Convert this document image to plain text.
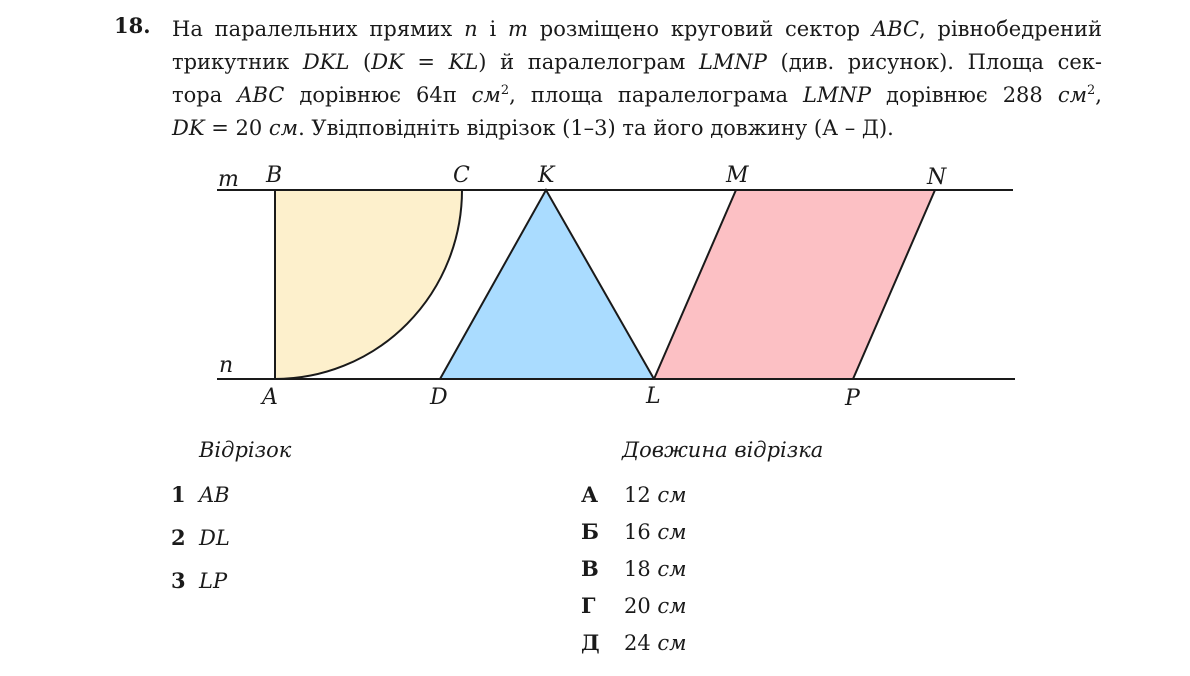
m
n
B	C	K	M	N
A	D	L	P
18. На паралельних прямих n і m розміщено круговий сектор ABC, рівнобедрений
трикутник DKL (DK = KL) й паралелограм LMNP (див. рисунок). Площа сек-
тора ABC дорівнює 64π $см^2$, площа паралелограма LMNP дорівнює 288 $см^2$,
DK = 20 см. Увідповідніть відрізок (1–3) та його довжину (А – Д).
Відрізок	Довжина відрізка
1 AB
2 DL
3 LP
А 12 см
Б 16 см
В 18 см
Г 20 см
Д 24 см
